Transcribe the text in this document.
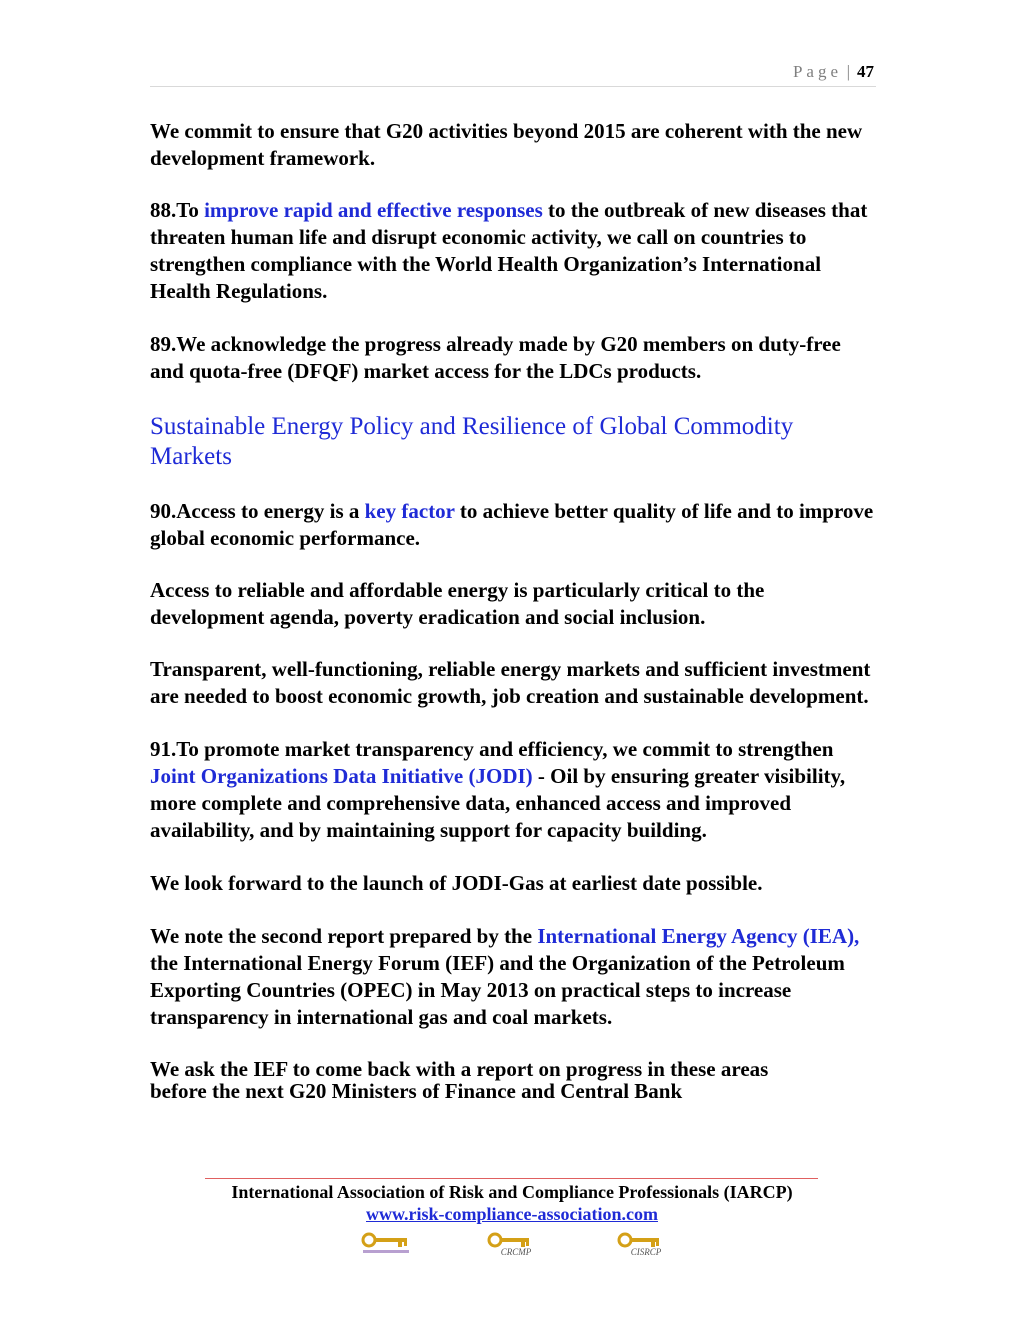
Page | 47

We commit to ensure that G20 activities beyond 2015 are coherent with the new development framework.

88.To improve rapid and effective responses to the outbreak of new diseases that threaten human life and disrupt economic activity, we call on countries to strengthen compliance with the World Health Organization’s International Health Regulations.

89.We acknowledge the progress already made by G20 members on duty-free and quota-free (DFQF) market access for the LDCs products.

Sustainable Energy Policy and Resilience of Global Commodity Markets

90.Access to energy is a key factor to achieve better quality of life and to improve global economic performance.

Access to reliable and affordable energy is particularly critical to the development agenda, poverty eradication and social inclusion.

Transparent, well-functioning, reliable energy markets and sufficient investment are needed to boost economic growth, job creation and sustainable development.

91.To promote market transparency and efficiency, we commit to strengthen Joint Organizations Data Initiative (JODI) - Oil by ensuring greater visibility, more complete and comprehensive data, enhanced access and improved availability, and by maintaining support for capacity building.

We look forward to the launch of JODI-Gas at earliest date possible.

We note the second report prepared by the International Energy Agency (IEA), the International Energy Forum (IEF) and the Organization of the Petroleum Exporting Countries (OPEC) in May 2013 on practical steps to increase transparency in international gas and coal markets.

We ask the IEF to come back with a report on progress in these areas
before the next G20 Ministers of Finance and Central Bank

International Association of Risk and Compliance Professionals (IARCP)
www.risk-compliance-association.com
CRCMP	CISRCP
